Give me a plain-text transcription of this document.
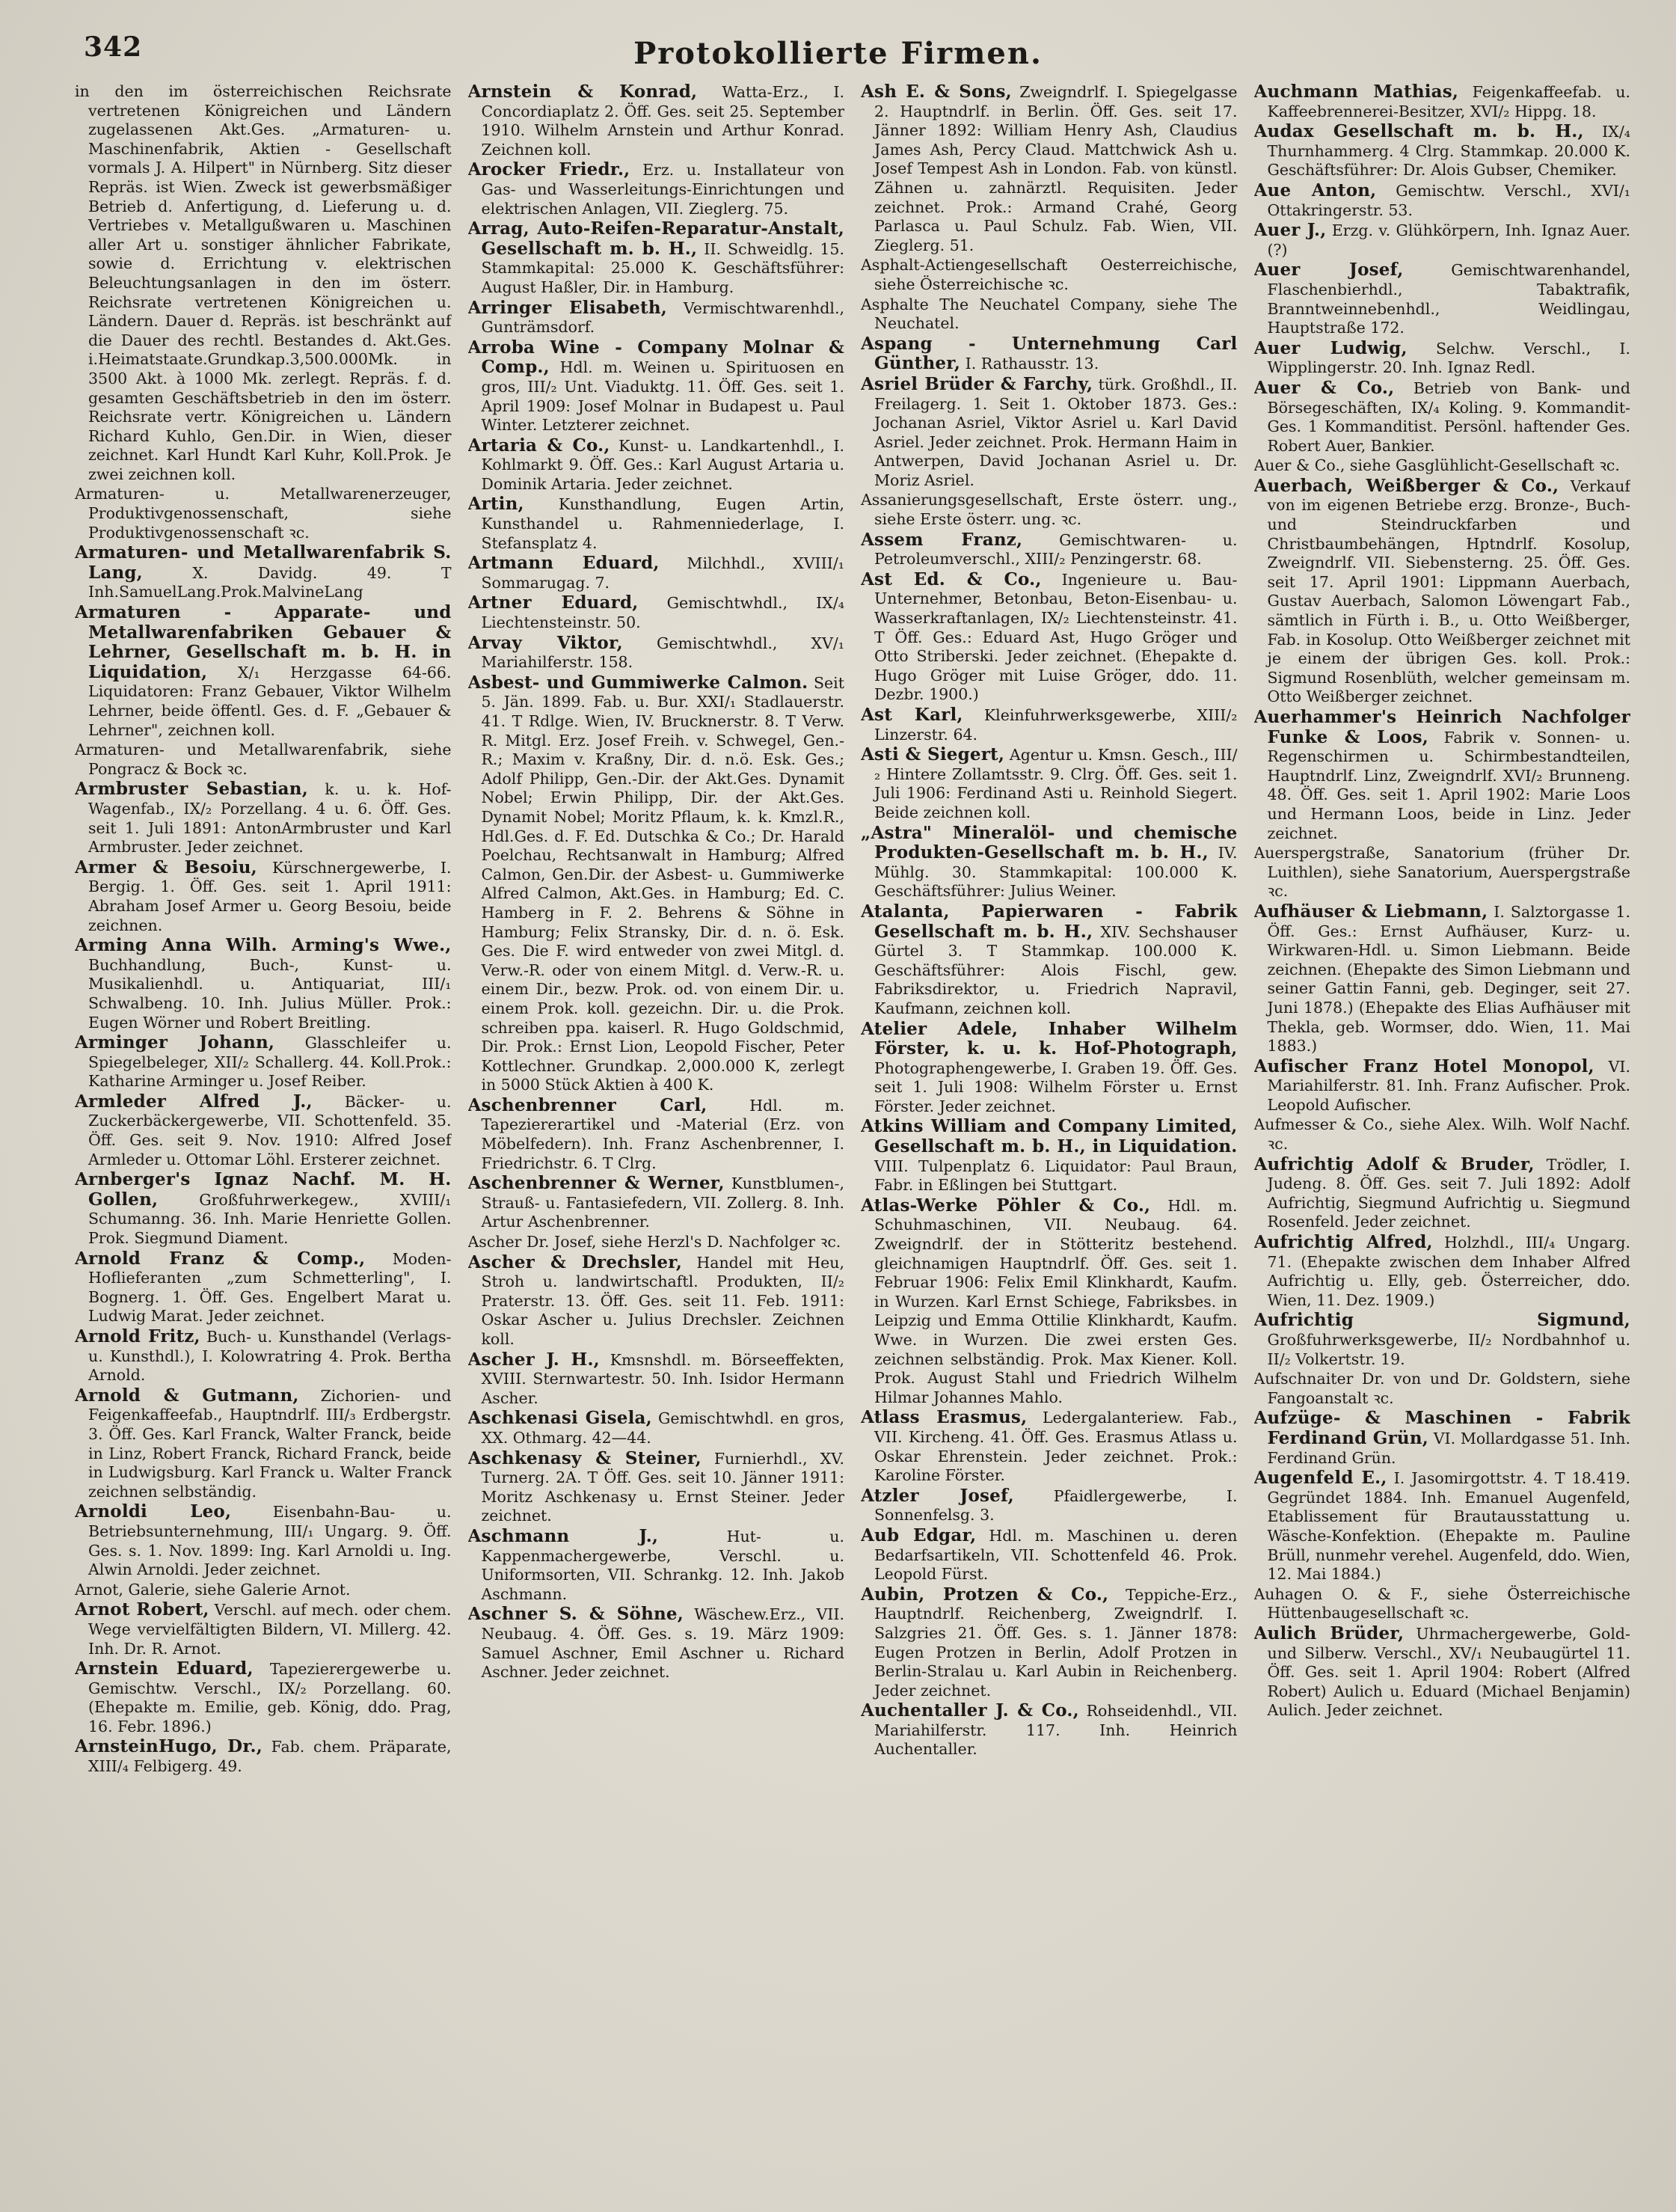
342	Protokollierte Firmen.

in den im österreichischen Reichsrate vertretenen Königreichen und Ländern zugelassenen Akt.Ges. „Armaturen- u. Maschinenfabrik, Aktien - Gesellschaft vormals J. A. Hilpert" in Nürnberg. Sitz dieser Repräs. ist Wien. Zweck ist gewerbsmäßiger Betrieb d. Anfertigung, d. Lieferung u. d. Vertriebes v. Metallgußwaren u. Maschinen aller Art u. sonstiger ähnlicher Fabrikate, sowie d. Errichtung v. elektrischen Beleuchtungsanlagen in den im österr. Reichsrate vertretenen Königreichen u. Ländern. Dauer d. Repräs. ist beschränkt auf die Dauer des rechtl. Bestandes d. Akt.Ges. i.Heimatstaate.Grundkap.3,500.000Mk. in 3500 Akt. à 1000 Mk. zerlegt. Repräs. f. d. gesamten Geschäftsbetrieb in den im österr. Reichsrate vertr. Königreichen u. Ländern Richard Kuhlo, Gen.Dir. in Wien, dieser zeichnet. Karl Hundt Karl Kuhr, Koll.Prok. Je zwei zeichnen koll.

Armaturen- u. Metallwarenerzeuger, Produktivgenossenschaft, siehe Produktivgenossenschaft ꝛc.

Armaturen- und Metallwarenfabrik S. Lang,	X. Davidg. 49. T Inh.SamuelLang.Prok.MalvineLang

Armaturen - Apparate- und Metallwarenfabriken Gebauer & Lehrner, Gesellschaft m. b. H. in Liquidation, X/₁ Herzgasse 64-66. Liquidatoren: Franz Gebauer, Viktor Wilhelm Lehrner, beide öffentl. Ges. d. F. „Gebauer & Lehrner", zeichnen koll.

Armaturen- und Metallwarenfabrik, siehe Pongracz & Bock ꝛc.

Armbruster Sebastian, k. u. k. Hof-Wagenfab., IX/₂ Porzellang. 4 u. 6. Öff. Ges. seit 1. Juli 1891: AntonArmbruster und Karl Armbruster. Jeder zeichnet.

Armer & Besoiu, Kürschnergewerbe, I. Bergig. 1. Öff. Ges. seit 1. April 1911: Abraham Josef Armer u. Georg Besoiu, beide zeichnen.

Arming Anna Wilh. Arming's Wwe., Buchhandlung, Buch-, Kunst- u. Musikalienhdl. u. Antiquariat, III/₁ Schwalbeng. 10. Inh. Julius Müller. Prok.: Eugen Wörner und Robert Breitling.

Arminger Johann, Glasschleifer u. Spiegelbeleger, XII/₂ Schallerg. 44. Koll.Prok.: Katharine Arminger u. Josef Reiber.

Armleder Alfred J., Bäcker- u. Zuckerbäckergewerbe, VII. Schottenfeld. 35. Öff. Ges. seit 9. Nov. 1910: Alfred Josef Armleder u. Ottomar Löhl. Ersterer zeichnet.

Arnberger's Ignaz Nachf. M. H. Gollen,	Großfuhrwerkegew., XVIII/₁ Schumanng. 36. Inh. Marie Henriette Gollen. Prok. Siegmund Diament.

Arnold Franz & Comp., Moden-Hoflieferanten „zum Schmetterling", I. Bognerg. 1. Öff. Ges. Engelbert Marat u. Ludwig Marat. Jeder zeichnet.

Arnold Fritz, Buch- u. Kunsthandel (Verlags- u. Kunsthdl.), I. Kolowratring 4. Prok. Bertha Arnold.

Arnold & Gutmann, Zichorien- und Feigenkaffeefab., Hauptndrlf. III/₃ Erdbergstr. 3. Öff. Ges. Karl Franck, Walter Franck, beide in Linz, Robert Franck, Richard Franck, beide in Ludwigsburg. Karl Franck u. Walter Franck zeichnen selbständig.

Arnoldi Leo,	Eisenbahn-Bau- u. Betriebsunternehmung, III/₁ Ungarg. 9. Öff. Ges. s. 1. Nov. 1899: Ing. Karl Arnoldi u. Ing. Alwin Arnoldi. Jeder zeichnet.

Arnot, Galerie, siehe Galerie Arnot.

Arnot Robert, Verschl. auf mech. oder chem. Wege vervielfältigten Bildern, VI. Millerg. 42. Inh. Dr. R. Arnot.

Arnstein Eduard, Tapezierergewerbe u. Gemischtw. Verschl., IX/₂ Porzellang. 60. (Ehepakte m. Emilie, geb. König, ddo. Prag, 16. Febr. 1896.)

ArnsteinHugo, Dr., Fab. chem. Präparate, XIII/₄ Felbigerg. 49.

Arnstein & Konrad, Watta-Erz., I. Concordiaplatz 2. Öff. Ges. seit 25. September 1910. Wilhelm Arnstein und Arthur Konrad. Zeichnen koll.

Arocker Friedr., Erz. u. Installateur von Gas- und Wasserleitungs-Einrichtungen und elektrischen Anlagen, VII. Zieglerg. 75.

Arrag, Auto-Reifen-Reparatur-Anstalt, Gesellschaft m. b. H., II. Schweidlg. 15. Stammkapital: 25.000 K. Geschäftsführer: August Haßler, Dir. in Hamburg.

Arringer Elisabeth, Vermischtwarenhdl., Gunträmsdorf.

Arroba Wine - Company Molnar & Comp., Hdl. m. Weinen u. Spirituosen en gros, III/₂ Unt. Viaduktg. 11. Öff. Ges. seit 1. April 1909: Josef Molnar in Budapest u. Paul Winter. Letzterer zeichnet.

Artaria & Co., Kunst- u. Landkartenhdl., I. Kohlmarkt 9. Öff. Ges.: Karl August Artaria u. Dominik Artaria. Jeder zeichnet.

Artin, Kunsthandlung, Eugen Artin, Kunsthandel u. Rahmenniederlage, I. Stefansplatz 4.

Artmann Eduard, Milchhdl., XVIII/₁ Sommarugag. 7.

Artner Eduard, Gemischtwhdl., IX/₄ Liechtensteinstr. 50.

Arvay Viktor, Gemischtwhdl., XV/₁ Mariahilferstr. 158.

Asbest- und Gummiwerke Calmon. Seit 5. Jän. 1899. Fab. u. Bur. XXI/₁ Stadlauerstr. 41. T Rdlge. Wien, IV. Brucknerstr. 8. T Verw. R. Mitgl. Erz. Josef Freih. v. Schwegel, Gen.-R.; Maxim v. Kraßny, Dir. d. n.ö. Esk. Ges.; Adolf Philipp, Gen.-Dir. der Akt.Ges. Dynamit Nobel; Erwin Philipp, Dir. der Akt.Ges. Dynamit Nobel; Moritz Pflaum, k. k. Kmzl.R., Hdl.Ges. d. F. Ed. Dutschka & Co.; Dr. Harald Poelchau, Rechtsanwalt in Hamburg; Alfred Calmon, Gen.Dir. der Asbest- u. Gummiwerke Alfred Calmon, Akt.Ges. in Hamburg; Ed. C. Hamberg in F. 2. Behrens & Söhne in Hamburg; Felix Stransky, Dir. d. n. ö. Esk. Ges. Die F. wird entweder von zwei Mitgl. d. Verw.-R. oder von einem Mitgl. d. Verw.-R. u. einem Dir., bezw. Prok. od. von einem Dir. u. einem Prok. koll. gezeichn. Dir. u. die Prok. schreiben ppa. kaiserl. R. Hugo Goldschmid, Dir. Prok.: Ernst Lion, Leopold Fischer, Peter Kottlechner. Grundkap. 2,000.000 K, zerlegt in 5000 Stück Aktien à 400 K.

Aschenbrenner Carl,	Hdl. m. Tapeziererartikel und -Material (Erz. von Möbelfedern). Inh. Franz Aschenbrenner, I. Friedrichstr. 6. T Clrg.

Aschenbrenner & Werner, Kunstblumen-, Strauß- u. Fantasiefedern, VII. Zollerg. 8. Inh. Artur Aschenbrenner.

Ascher Dr. Josef, siehe Herzl's D. Nachfolger ꝛc.

Ascher & Drechsler, Handel mit Heu, Stroh u. landwirtschaftl. Produkten, II/₂ Praterstr. 13. Öff. Ges. seit 11. Feb. 1911: Oskar Ascher u. Julius Drechsler. Zeichnen koll.

Ascher J. H., Kmsnshdl. m. Börseeffekten, XVIII. Sternwartestr. 50. Inh. Isidor Hermann Ascher.

Aschkenasi Gisela, Gemischtwhdl. en gros, XX. Othmarg. 42—44.

Aschkenasy & Steiner, Furnierhdl., XV. Turnerg. 2A. T Öff. Ges. seit 10. Jänner 1911: Moritz Aschkenasy u. Ernst Steiner. Jeder zeichnet.

Aschmann J.,	Hut- u. Kappenmachergewerbe, Verschl. u. Uniformsorten, VII. Schrankg. 12. Inh. Jakob Aschmann.

Aschner S. & Söhne, Wäschew.Erz., VII. Neubaug. 4. Öff. Ges. s. 19. März 1909: Samuel Aschner, Emil Aschner u. Richard Aschner. Jeder zeichnet.

Ash E. & Sons, Zweigndrlf. I. Spiegelgasse 2. Hauptndrlf. in Berlin. Öff. Ges. seit 17. Jänner 1892: William Henry Ash, Claudius James Ash, Percy Claud. Mattchwick Ash u. Josef Tempest Ash in London. Fab. von künstl. Zähnen u. zahnärztl. Requisiten. Jeder zeichnet. Prok.: Armand Crahé, Georg Parlasca u. Paul Schulz. Fab. Wien, VII. Zieglerg. 51.

Asphalt-Actiengesellschaft Oesterreichische, siehe Österreichische ꝛc.

Asphalte The Neuchatel Company, siehe The Neuchatel.

Aspang - Unternehmung Carl Günther, I. Rathausstr. 13.

Asriel Brüder & Farchy, türk. Großhdl., II. Freilagerg. 1. Seit 1. Oktober 1873. Ges.: Jochanan Asriel, Viktor Asriel u. Karl David Asriel. Jeder zeichnet. Prok. Hermann Haim in Antwerpen, David Jochanan Asriel u. Dr. Moriz Asriel.

Assanierungsgesellschaft, Erste österr. ung., siehe Erste österr. ung. ꝛc.

Assem Franz, Gemischtwaren- u. Petroleumverschl., XIII/₂ Penzingerstr. 68.

Ast Ed. & Co., Ingenieure u. Bau-Unternehmer, Betonbau, Beton-Eisenbau- u. Wasserkraftanlagen, IX/₂ Liechtensteinstr. 41. T Öff. Ges.: Eduard Ast, Hugo Gröger und Otto Striberski. Jeder zeichnet. (Ehepakte d. Hugo Gröger mit Luise Gröger, ddo. 11. Dezbr. 1900.)

Ast Karl, Kleinfuhrwerksgewerbe, XIII/₂ Linzerstr. 64.

Asti & Siegert, Agentur u. Kmsn. Gesch., III/₂ Hintere Zollamtsstr. 9. Clrg. Öff. Ges. seit 1. Juli 1906: Ferdinand Asti u. Reinhold Siegert. Beide zeichnen koll.

„Astra" Mineralöl- und chemische Produkten-Gesellschaft m. b. H., IV. Mühlg. 30. Stammkapital: 100.000 K. Geschäftsführer: Julius Weiner.

Atalanta, Papierwaren - Fabrik Gesellschaft m. b. H., XIV. Sechshauser Gürtel 3. T Stammkap. 100.000 K. Geschäftsführer: Alois Fischl, gew. Fabriksdirektor, u. Friedrich Napravil, Kaufmann, zeichnen koll.

Atelier Adele, Inhaber Wilhelm Förster, k. u. k. Hof-Photograph, Photographengewerbe, I. Graben 19. Öff. Ges. seit 1. Juli 1908: Wilhelm Förster u. Ernst Förster. Jeder zeichnet.

Atkins William and Company Limited, Gesellschaft m. b. H., in Liquidation. VIII. Tulpenplatz 6. Liquidator: Paul Braun, Fabr. in Eßlingen bei Stuttgart.

Atlas-Werke Pöhler & Co., Hdl. m. Schuhmaschinen, VII. Neubaug. 64. Zweigndrlf. der in Stötteritz bestehend. gleichnamigen Hauptndrlf. Öff. Ges. seit 1. Februar 1906: Felix Emil Klinkhardt, Kaufm. in Wurzen. Karl Ernst Schiege, Fabriksbes. in Leipzig und Emma Ottilie Klinkhardt, Kaufm. Wwe. in Wurzen. Die zwei ersten Ges. zeichnen selbständig. Prok. Max Kiener. Koll. Prok. August Stahl und Friedrich Wilhelm Hilmar Johannes Mahlo.

Atlass Erasmus, Ledergalanteriew. Fab., VII. Kircheng. 41. Öff. Ges. Erasmus Atlass u. Oskar Ehrenstein. Jeder zeichnet. Prok.: Karoline Förster.

Atzler Josef,	Pfaidlergewerbe, I. Sonnenfelsg. 3.

Aub Edgar, Hdl. m. Maschinen u. deren Bedarfsartikeln, VII. Schottenfeld 46. Prok. Leopold Fürst.

Aubin, Protzen & Co., Teppiche-Erz., Hauptndrlf. Reichenberg, Zweigndrlf. I. Salzgries 21. Öff. Ges. s. 1. Jänner 1878: Eugen Protzen in Berlin, Adolf Protzen in Berlin-Stralau u. Karl Aubin in Reichenberg. Jeder zeichnet.

Auchentaller J. & Co., Rohseidenhdl., VII. Mariahilferstr. 117. Inh. Heinrich Auchentaller.

Auchmann Mathias, Feigenkaffeefab. u. Kaffeebrennerei-Besitzer, XVI/₂ Hippg. 18.

Audax Gesellschaft m. b. H., IX/₄ Thurnhammerg. 4 Clrg. Stammkap. 20.000 K. Geschäftsführer: Dr. Alois Gubser, Chemiker.

Aue Anton, Gemischtw. Verschl., XVI/₁ Ottakringerstr. 53.

Auer J., Erzg. v. Glühkörpern, Inh. Ignaz Auer. (?)

Auer Josef,	Gemischtwarenhandel, Flaschenbierhdl., Tabaktrafik, Branntweinnebenhdl., Weidlingau, Hauptstraße 172.

Auer Ludwig, Selchw. Verschl., I. Wipplingerstr. 20. Inh. Ignaz Redl.

Auer & Co., Betrieb von Bank- und Börsegeschäften, IX/₄ Koling. 9. Kommandit-Ges. 1 Kommanditist. Persönl. haftender Ges. Robert Auer, Bankier.

Auer & Co., siehe Gasglühlicht-Gesellschaft ꝛc.

Auerbach, Weißberger & Co., Verkauf von im eigenen Betriebe erzg. Bronze-, Buch- und Steindruckfarben und Christbaumbehängen, Hptndrlf. Kosolup, Zweigndrlf. VII. Siebensterng. 25. Öff. Ges. seit 17. April 1901: Lippmann Auerbach, Gustav Auerbach, Salomon Löwengart Fab., sämtlich in Fürth i. B., u. Otto Weißberger, Fab. in Kosolup. Otto Weißberger zeichnet mit je einem der übrigen Ges. koll. Prok.: Sigmund Rosenblüth, welcher gemeinsam m. Otto Weißberger zeichnet.

Auerhammer's Heinrich Nachfolger Funke & Loos, Fabrik v. Sonnen- u. Regenschirmen u. Schirmbestandteilen, Hauptndrlf. Linz, Zweigndrlf. XVI/₂ Brunneng. 48. Öff. Ges. seit 1. April 1902: Marie Loos und Hermann Loos, beide in Linz. Jeder zeichnet.

Auerspergstraße, Sanatorium (früher Dr. Luithlen), siehe Sanatorium, Auerspergstraße ꝛc.

Aufhäuser & Liebmann, I. Salztorgasse 1. Öff. Ges.: Ernst Aufhäuser, Kurz- u. Wirkwaren-Hdl. u. Simon Liebmann. Beide zeichnen. (Ehepakte des Simon Liebmann und seiner Gattin Fanni, geb. Deginger, seit 27. Juni 1878.) (Ehepakte des Elias Aufhäuser mit Thekla, geb. Wormser, ddo. Wien, 11. Mai 1883.)

Aufischer Franz Hotel Monopol, VI. Mariahilferstr. 81. Inh. Franz Aufischer. Prok. Leopold Aufischer.

Aufmesser & Co., siehe Alex. Wilh. Wolf Nachf. ꝛc.

Aufrichtig Adolf & Bruder, Trödler, I. Judeng. 8. Öff. Ges. seit 7. Juli 1892: Adolf Aufrichtig, Siegmund Aufrichtig u. Siegmund Rosenfeld. Jeder zeichnet.

Aufrichtig Alfred, Holzhdl., III/₄ Ungarg. 71. (Ehepakte zwischen dem Inhaber Alfred Aufrichtig u. Elly, geb. Österreicher, ddo. Wien, 11. Dez. 1909.)

Aufrichtig Sigmund, Großfuhrwerksgewerbe, II/₂ Nordbahnhof u. II/₂ Volkertstr. 19.

Aufschnaiter Dr. von und Dr. Goldstern, siehe Fangoanstalt ꝛc.

Aufzüge- & Maschinen - Fabrik Ferdinand Grün, VI. Mollardgasse 51. Inh. Ferdinand Grün.

Augenfeld E., I. Jasomirgottstr. 4. T 18.419. Gegründet 1884. Inh. Emanuel Augenfeld, Etablissement für Brautausstattung u. Wäsche-Konfektion. (Ehepakte m. Pauline Brüll, nunmehr verehel. Augenfeld, ddo. Wien, 12. Mai 1884.)

Auhagen O. & F., siehe Österreichische Hüttenbaugesellschaft ꝛc.

Aulich Brüder, Uhrmachergewerbe, Gold- und Silberw. Verschl., XV/₁ Neubaugürtel 11. Öff. Ges. seit 1. April 1904: Robert (Alfred Robert) Aulich u. Eduard (Michael Benjamin) Aulich. Jeder zeichnet.
